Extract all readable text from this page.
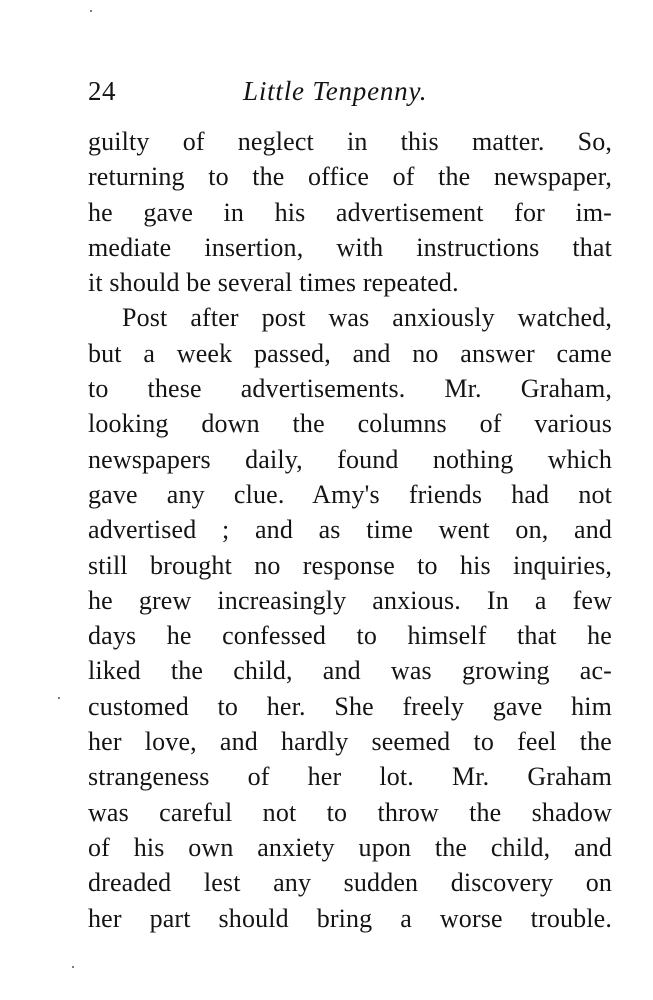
24	Little Tenpenny.
guilty of neglect in this matter. So,
returning to the office of the newspaper,
he gave in his advertisement for im-
mediate insertion, with instructions that
it should be several times repeated.
Post after post was anxiously watched,
but a week passed, and no answer came
to these advertisements. Mr. Graham,
looking down the columns of various
newspapers daily, found nothing which
gave any clue. Amy's friends had not
advertised ; and as time went on, and
still brought no response to his inquiries,
he grew increasingly anxious. In a few
days he confessed to himself that he
liked the child, and was growing ac-
customed to her. She freely gave him
her love, and hardly seemed to feel the
strangeness of her lot. Mr. Graham
was careful not to throw the shadow
of his own anxiety upon the child, and
dreaded lest any sudden discovery on
her part should bring a worse trouble.
